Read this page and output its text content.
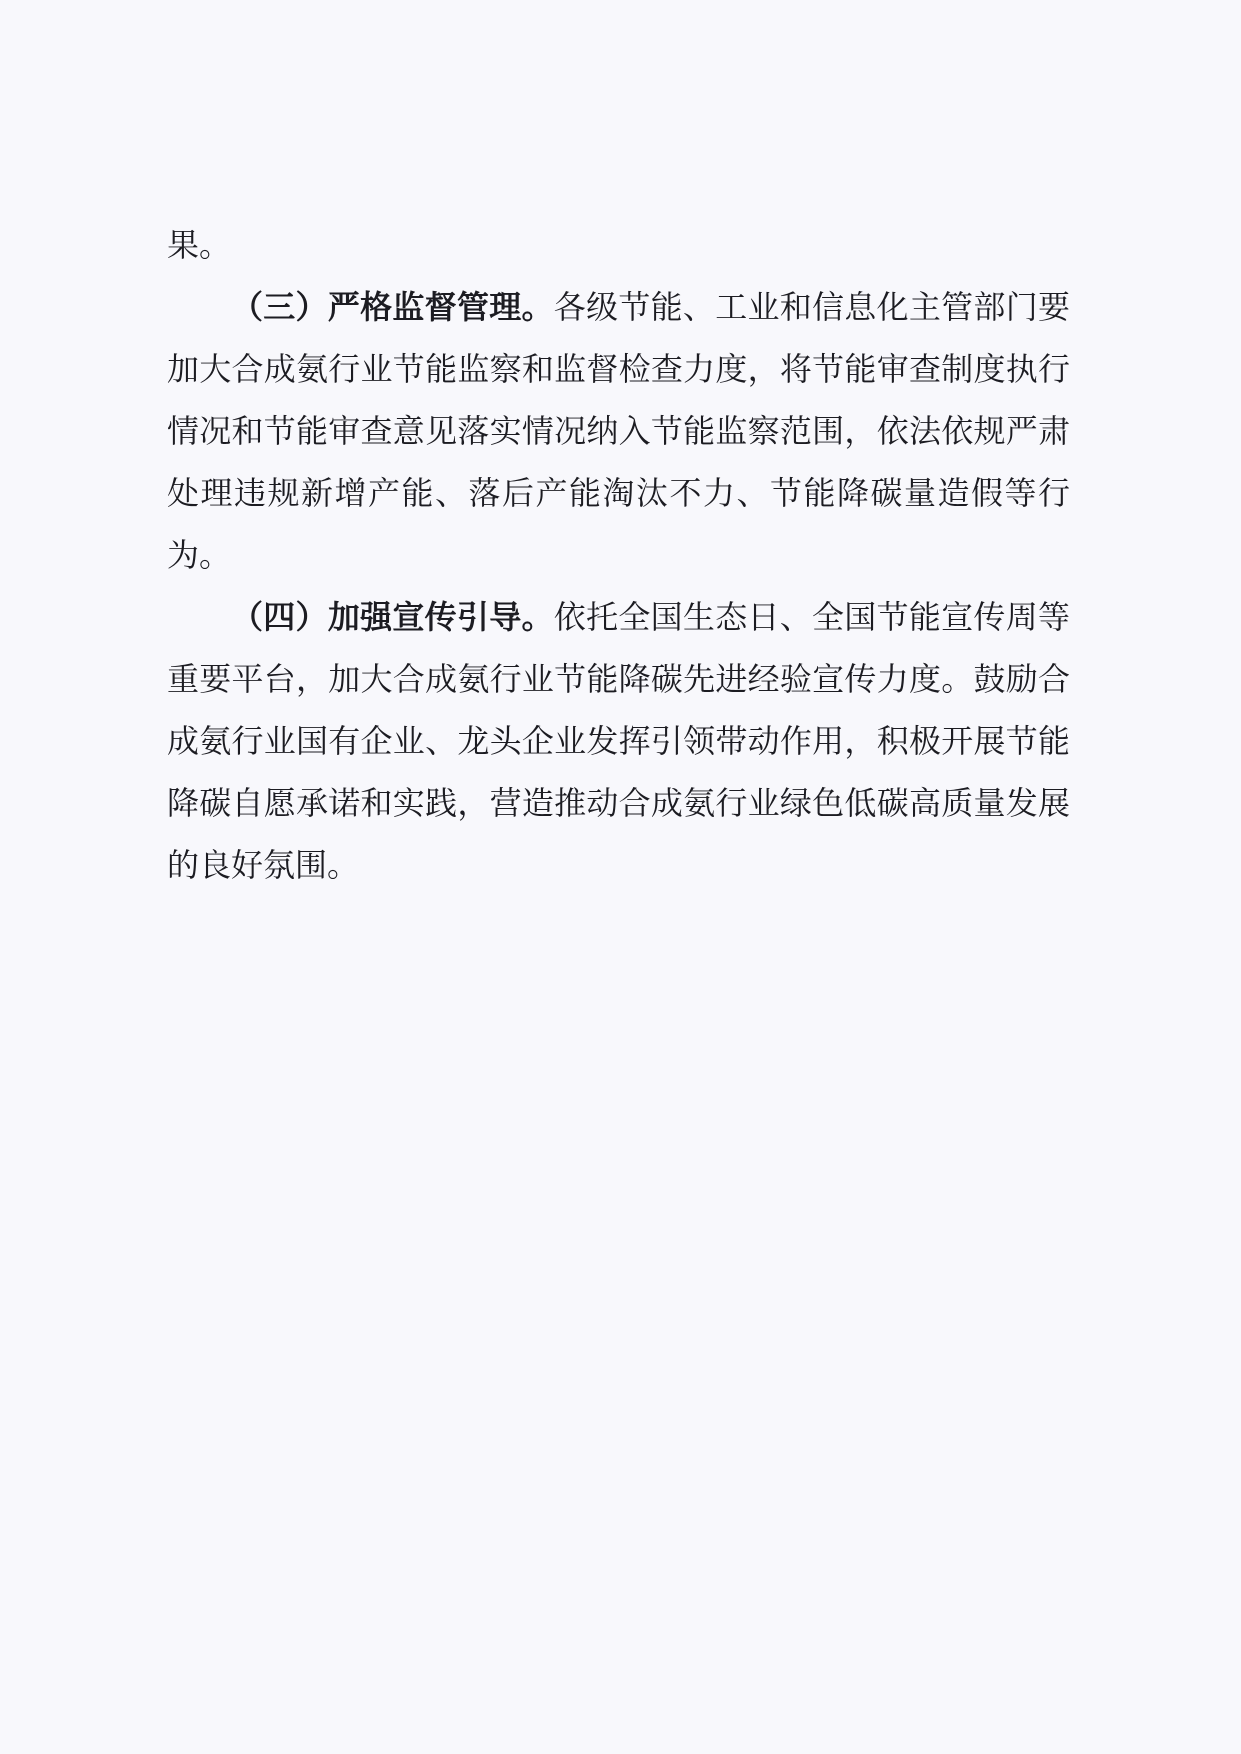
果。
（三）严格监督管理。各级节能、工业和信息化主管部门要
加大合成氨行业节能监察和监督检查力度，将节能审查制度执行
情况和节能审查意见落实情况纳入节能监察范围，依法依规严肃
处理违规新增产能、落后产能淘汰不力、节能降碳量造假等行
为。
（四）加强宣传引导。依托全国生态日、全国节能宣传周等
重要平台，加大合成氨行业节能降碳先进经验宣传力度。鼓励合
成氨行业国有企业、龙头企业发挥引领带动作用，积极开展节能
降碳自愿承诺和实践，营造推动合成氨行业绿色低碳高质量发展
的良好氛围。
